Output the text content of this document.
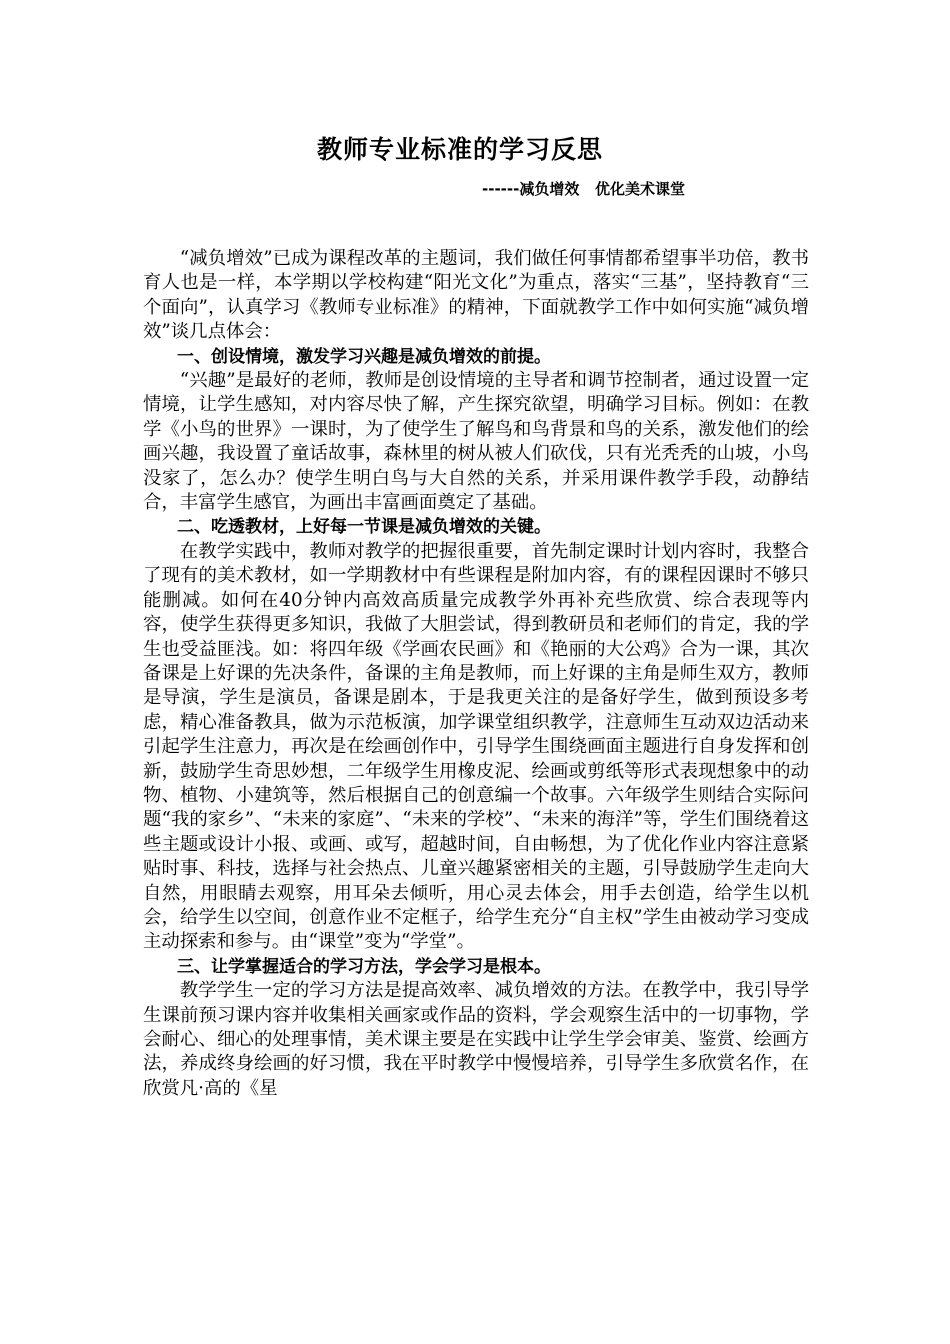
教师专业标准的学习反思
------减负增效   优化美术课堂

“减负增效”已成为课程改革的主题词，我们做任何事情都希望事半功倍，教书育人也是一样，本学期以学校构建“阳光文化”为重点，落实“三基”，坚持教育“三个面向”，认真学习《教师专业标准》的精神，下面就教学工作中如何实施“减负增效”谈几点体会：

一、创设情境，激发学习兴趣是减负增效的前提。

“兴趣”是最好的老师，教师是创设情境的主导者和调节控制者，通过设置一定情境，让学生感知，对内容尽快了解，产生探究欲望，明确学习目标。例如：在教学《小鸟的世界》一课时，为了使学生了解鸟和鸟背景和鸟的关系，激发他们的绘画兴趣，我设置了童话故事，森林里的树从被人们砍伐，只有光秃秃的山坡，小鸟没家了，怎么办？使学生明白鸟与大自然的关系，并采用课件教学手段，动静结合，丰富学生感官，为画出丰富画面奠定了基础。

二、吃透教材，上好每一节课是减负增效的关键。

在教学实践中，教师对教学的把握很重要，首先制定课时计划内容时，我整合了现有的美术教材，如一学期教材中有些课程是附加内容，有的课程因课时不够只能删减。如何在40分钟内高效高质量完成教学外再补充些欣赏、综合表现等内容，使学生获得更多知识，我做了大胆尝试，得到教研员和老师们的肯定，我的学生也受益匪浅。如：将四年级《学画农民画》和《艳丽的大公鸡》合为一课，其次备课是上好课的先决条件，备课的主角是教师，而上好课的主角是师生双方，教师是导演，学生是演员，备课是剧本，于是我更关注的是备好学生，做到预设多考虑，精心准备教具，做为示范板演，加学课堂组织教学，注意师生互动双边活动来引起学生注意力，再次是在绘画创作中，引导学生围绕画面主题进行自身发挥和创新，鼓励学生奇思妙想，二年级学生用橡皮泥、绘画或剪纸等形式表现想象中的动物、植物、小建筑等，然后根据自己的创意编一个故事。六年级学生则结合实际问题“我的家乡”、“未来的家庭”、“未来的学校”、“未来的海洋”等，学生们围绕着这些主题或设计小报、或画、或写，超越时间，自由畅想，为了优化作业内容注意紧贴时事、科技，选择与社会热点、儿童兴趣紧密相关的主题，引导鼓励学生走向大自然，用眼睛去观察，用耳朵去倾听，用心灵去体会，用手去创造，给学生以机会，给学生以空间，创意作业不定框子，给学生充分“自主权”学生由被动学习变成主动探索和参与。由“课堂”变为“学堂”。

三、让学掌握适合的学习方法，学会学习是根本。

教学学生一定的学习方法是提高效率、减负增效的方法。在教学中，我引导学生课前预习课内容并收集相关画家或作品的资料，学会观察生活中的一切事物，学会耐心、细心的处理事情，美术课主要是在实践中让学生学会审美、鉴赏、绘画方法，养成终身绘画的好习惯，我在平时教学中慢慢培养，引导学生多欣赏名作，在欣赏凡·高的《星
